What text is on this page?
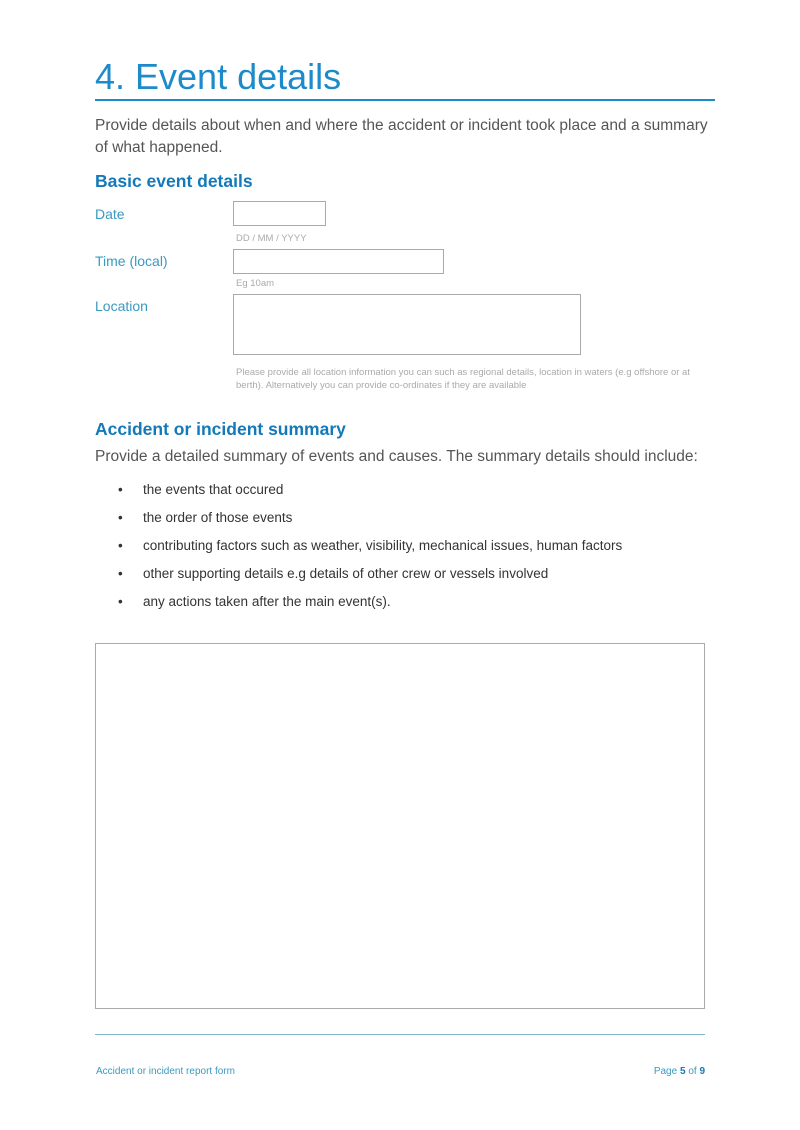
4. Event details
Provide details about when and where the accident or incident took place and a summary of what happened.
Basic event details
Date
DD / MM / YYYY
Time (local)
Eg 10am
Location
Please provide all location information you can such as regional details, location in waters (e.g offshore or at berth). Alternatively you can provide co-ordinates if they are available
Accident or incident summary
Provide a detailed summary of events and causes. The summary details should include:
•	the events that occured
•	the order of those events
•	contributing factors such as weather, visibility, mechanical issues, human factors
•	other supporting details e.g details of other crew or vessels involved
•	any actions taken after the main event(s).
Accident or incident report form	Page 5 of 9
